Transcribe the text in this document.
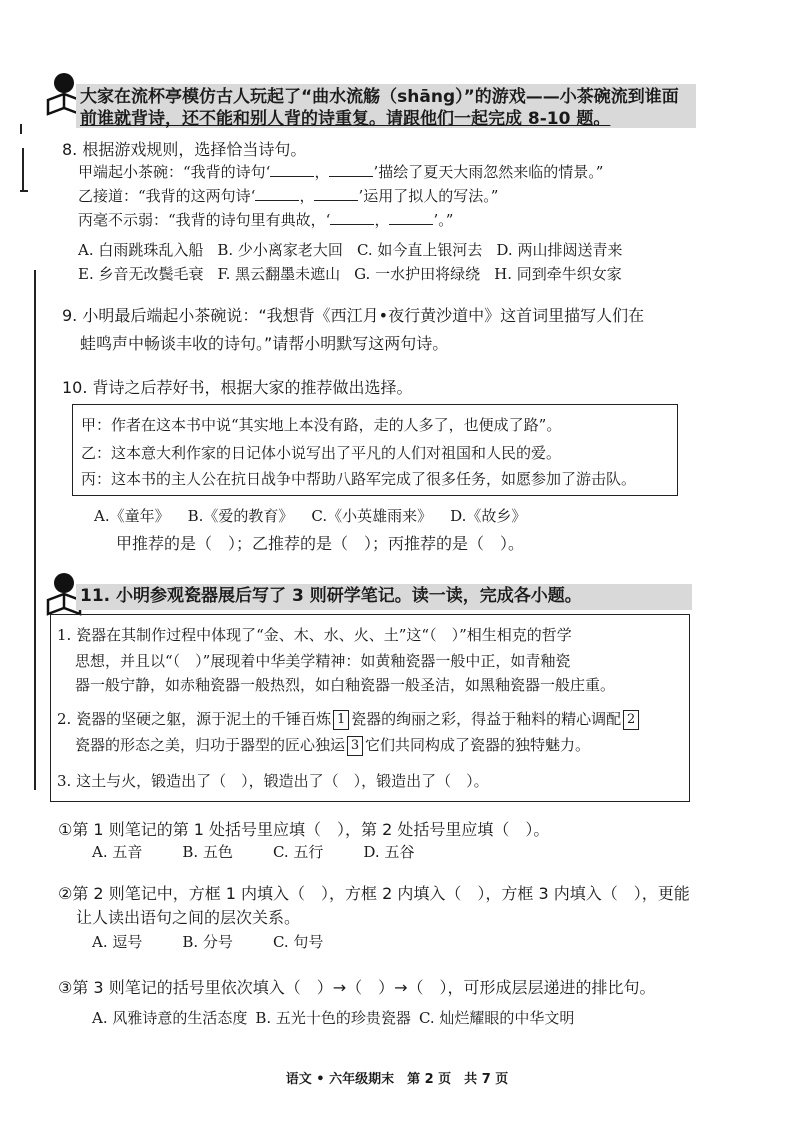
大家在流杯亭模仿古人玩起了“曲水流觞（shāng）”的游戏——小茶碗流到谁面
前谁就背诗，还不能和别人背的诗重复。请跟他们一起完成 8-10 题。
8. 根据游戏规则，选择恰当诗句。
甲端起小茶碗：“我背的诗句‘	，	’描绘了夏天大雨忽然来临的情景。”
乙接道：“我背的这两句诗‘	，	’运用了拟人的写法。”
丙毫不示弱：“我背的诗句里有典故，‘	，	’。”
A. 白雨跳珠乱入船 B. 少小离家老大回 C. 如今直上银河去 D. 两山排闼送青来
E. 乡音无改鬓毛衰 F. 黑云翻墨未遮山 G. 一水护田将绿绕 H. 同到牵牛织女家
9. 小明最后端起小茶碗说：“我想背《西江月•夜行黄沙道中》这首词里描写人们在
蛙鸣声中畅谈丰收的诗句。”请帮小明默写这两句诗。
10. 背诗之后荐好书，根据大家的推荐做出选择。
甲：作者在这本书中说“其实地上本没有路，走的人多了，也便成了路”。
乙：这本意大利作家的日记体小说写出了平凡的人们对祖国和人民的爱。
丙：这本书的主人公在抗日战争中帮助八路军完成了很多任务，如愿参加了游击队。
A.《童年》 B.《爱的教育》 C.《小英雄雨来》 D.《故乡》
甲推荐的是（　）；乙推荐的是（　）；丙推荐的是（　）。
11. 小明参观瓷器展后写了 3 则研学笔记。读一读，完成各小题。
1. 瓷器在其制作过程中体现了“金、木、水、火、土”这“（　）”相生相克的哲学
思想，并且以“（　）”展现着中华美学精神：如黄釉瓷器一般中正，如青釉瓷
器一般宁静，如赤釉瓷器一般热烈，如白釉瓷器一般圣洁，如黑釉瓷器一般庄重。
2. 瓷器的坚硬之躯，源于泥土的千锤百炼 1 瓷器的绚丽之彩，得益于釉料的精心调配 2
瓷器的形态之美，归功于器型的匠心独运 3 它们共同构成了瓷器的独特魅力。
3. 这土与火，锻造出了（　），锻造出了（　），锻造出了（　）。
①第 1 则笔记的第 1 处括号里应填（　），第 2 处括号里应填（　）。
A. 五音	B. 五色	C. 五行	D. 五谷
②第 2 则笔记中，方框 1 内填入（　），方框 2 内填入（　），方框 3 内填入（　），更能
让人读出语句之间的层次关系。
A. 逗号	B. 分号	C. 句号
③第 3 则笔记的括号里依次填入（　）→（　）→（　），可形成层层递进的排比句。
A. 风雅诗意的生活态度 B. 五光十色的珍贵瓷器 C. 灿烂耀眼的中华文明
语文 • 六年级期末　第 2 页　共 7 页
